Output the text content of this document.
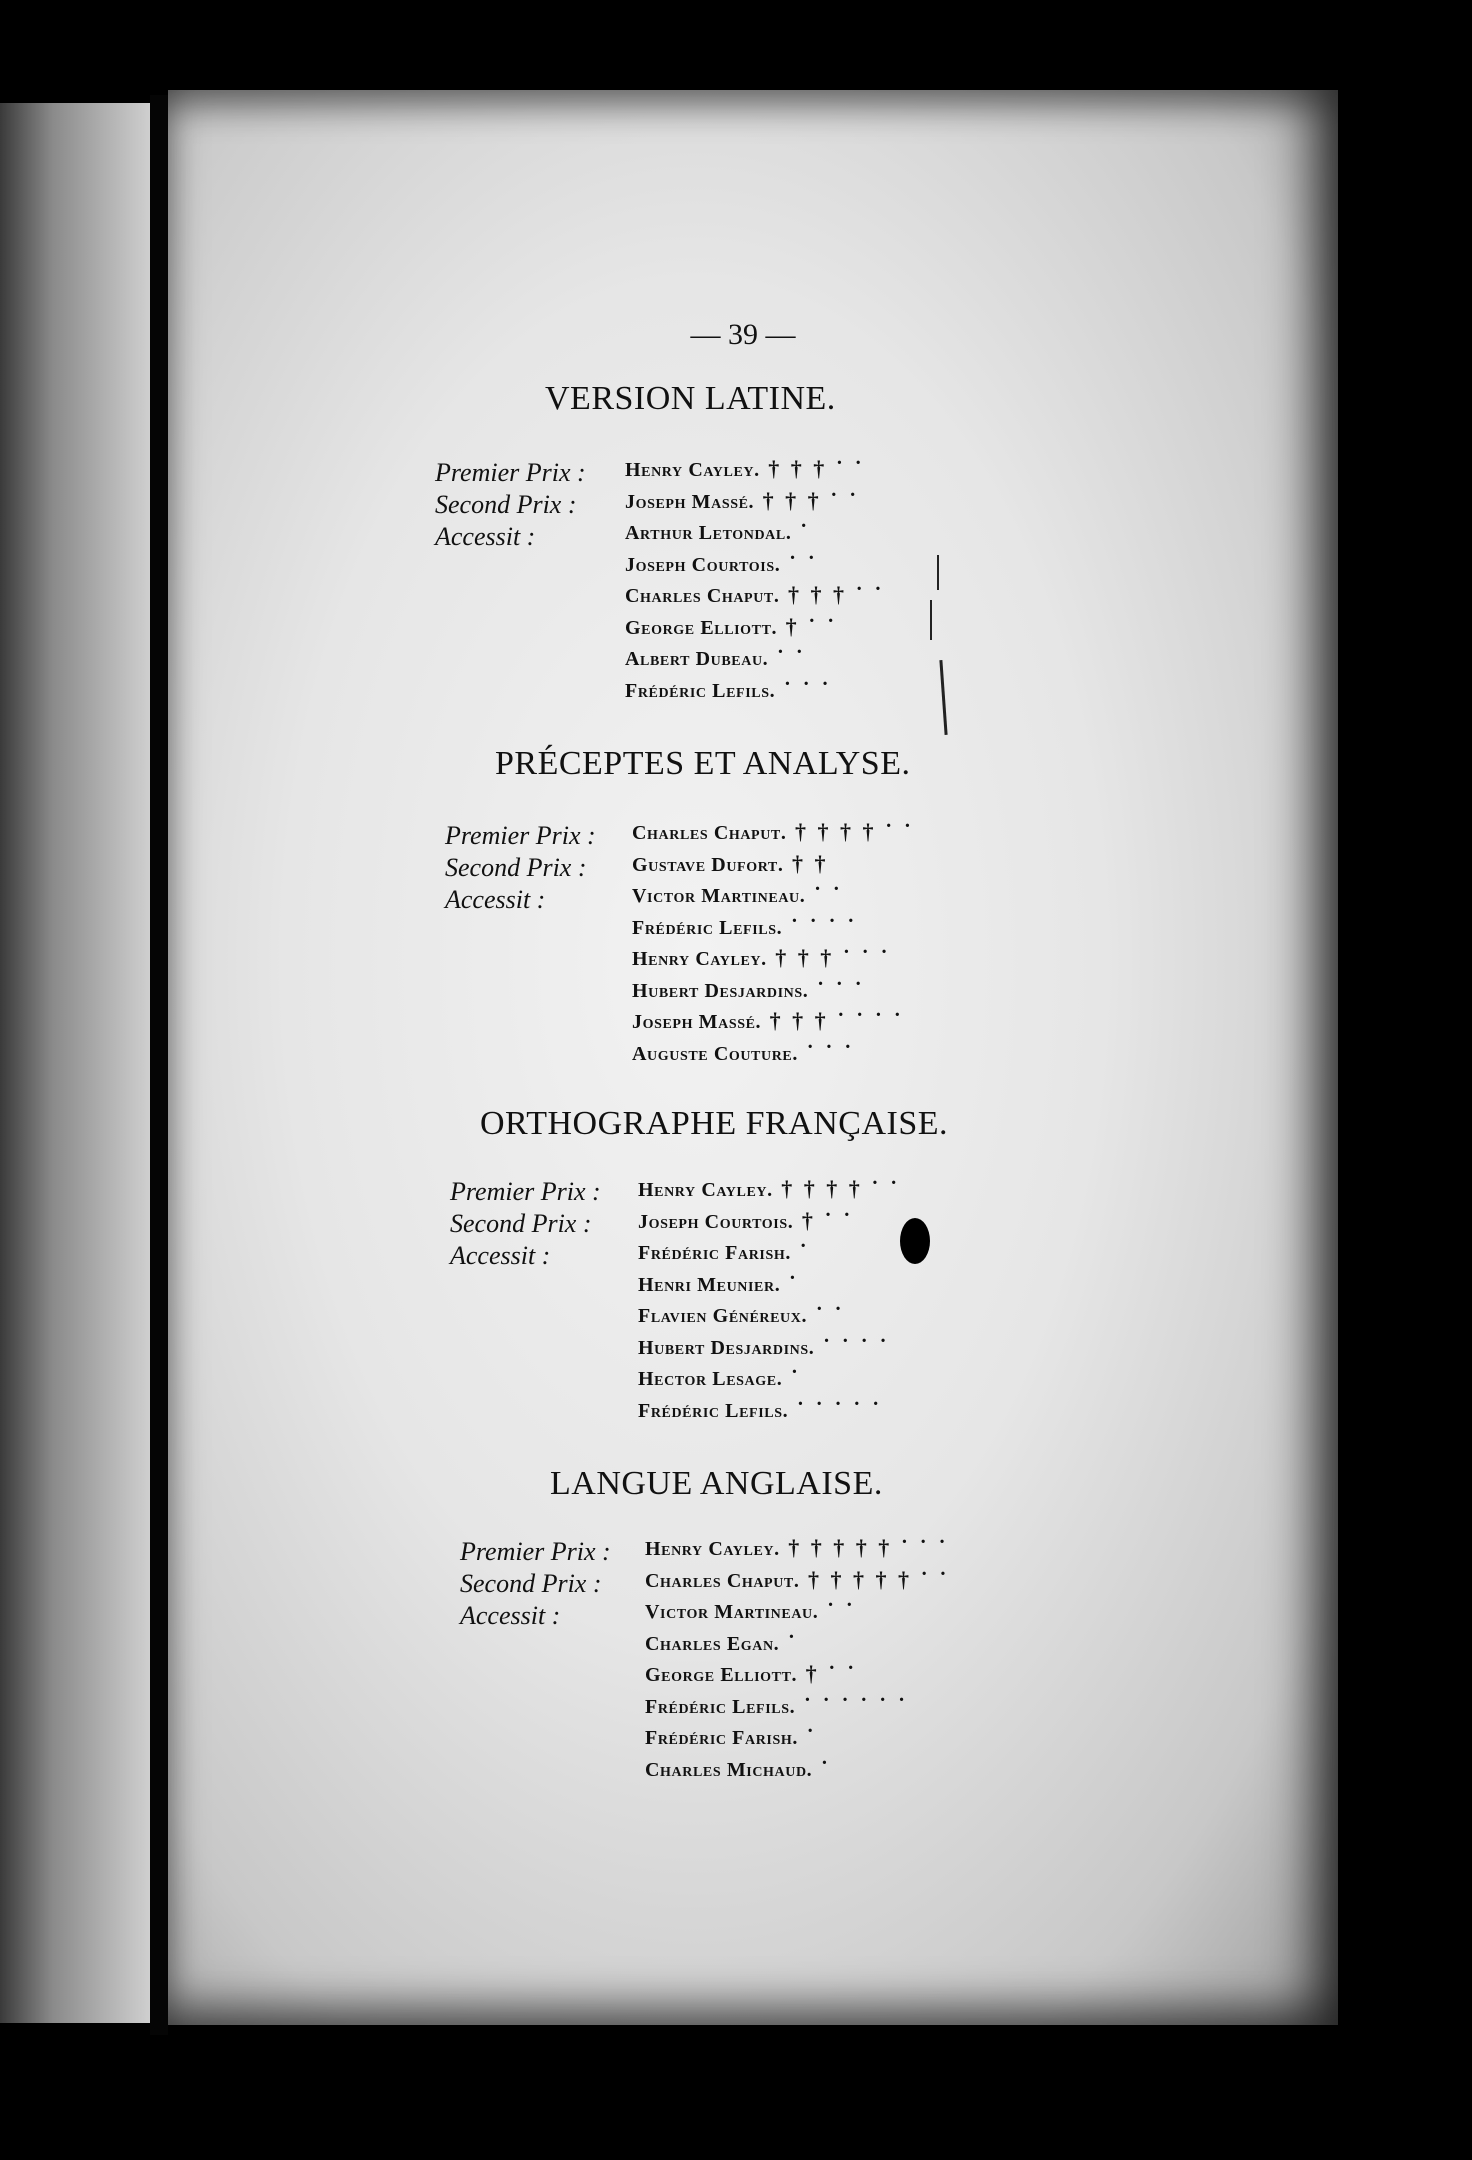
— 39 —
VERSION LATINE.
Premier Prix :
Second Prix :
Accessit :
Henry Cayley. † † † ˙ ˙
Joseph Massé. † † † ˙ ˙
Arthur Letondal. ˙
Joseph Courtois. ˙ ˙
Charles Chaput. † † † ˙ ˙
George Elliott. † ˙ ˙
Albert Dubeau. ˙ ˙
Frédéric Lefils. ˙ ˙ ˙
PRÉCEPTES ET ANALYSE.
Premier Prix :
Second Prix :
Accessit :
Charles Chaput. † † † † ˙ ˙
Gustave Dufort. † †
Victor Martineau. ˙ ˙
Frédéric Lefils. ˙ ˙ ˙ ˙
Henry Cayley. † † † ˙ ˙ ˙
Hubert Desjardins. ˙ ˙ ˙
Joseph Massé. † † † ˙ ˙ ˙ ˙
Auguste Couture. ˙ ˙ ˙
ORTHOGRAPHE FRANÇAISE.
Premier Prix :
Second Prix :
Accessit :
Henry Cayley. † † † † ˙ ˙
Joseph Courtois. † ˙ ˙
Frédéric Farish. ˙
Henri Meunier. ˙
Flavien Généreux. ˙ ˙
Hubert Desjardins. ˙ ˙ ˙ ˙
Hector Lesage. ˙
Frédéric Lefils. ˙ ˙ ˙ ˙ ˙
LANGUE ANGLAISE.
Premier Prix :
Second Prix :
Accessit :
Henry Cayley. † † † † † ˙ ˙ ˙
Charles Chaput. † † † † † ˙ ˙
Victor Martineau. ˙ ˙
Charles Egan. ˙
George Elliott. † ˙ ˙
Frédéric Lefils. ˙ ˙ ˙ ˙ ˙ ˙
Frédéric Farish. ˙
Charles Michaud. ˙
